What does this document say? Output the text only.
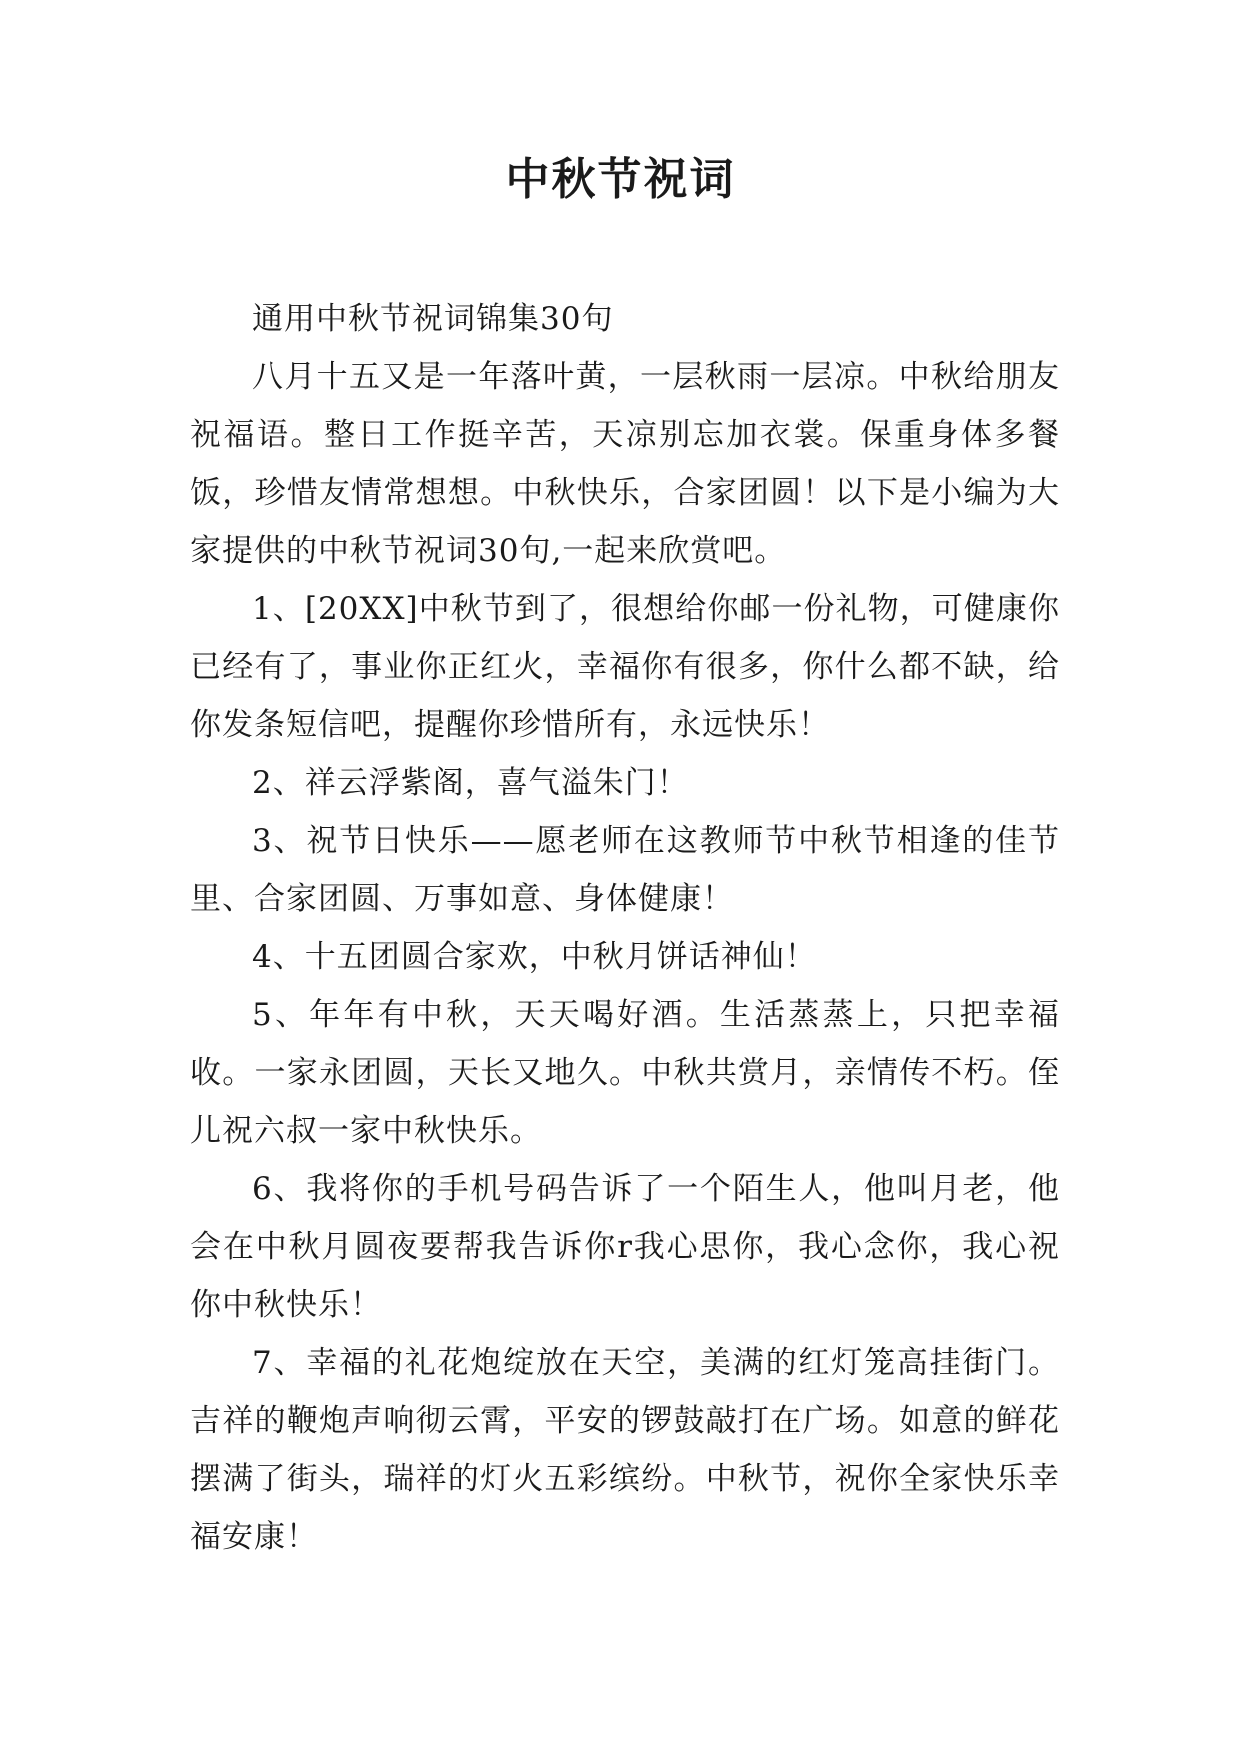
中秋节祝词

通用中秋节祝词锦集30句

八月十五又是一年落叶黄，一层秋雨一层凉。中秋给朋友祝福语。整日工作挺辛苦，天凉别忘加衣裳。保重身体多餐饭，珍惜友情常想想。中秋快乐，合家团圆！以下是小编为大家提供的中秋节祝词30句,一起来欣赏吧。

1、[20XX]中秋节到了，很想给你邮一份礼物，可健康你已经有了，事业你正红火，幸福你有很多，你什么都不缺，给你发条短信吧，提醒你珍惜所有，永远快乐！

2、祥云浮紫阁，喜气溢朱门！

3、祝节日快乐——愿老师在这教师节中秋节相逢的佳节里、合家团圆、万事如意、身体健康！

4、十五团圆合家欢，中秋月饼话神仙！

5、年年有中秋，天天喝好酒。生活蒸蒸上，只把幸福收。一家永团圆，天长又地久。中秋共赏月，亲情传不朽。侄儿祝六叔一家中秋快乐。

6、我将你的手机号码告诉了一个陌生人，他叫月老，他会在中秋月圆夜要帮我告诉你r我心思你，我心念你，我心祝你中秋快乐！

7、幸福的礼花炮绽放在天空，美满的红灯笼高挂街门。吉祥的鞭炮声响彻云霄，平安的锣鼓敲打在广场。如意的鲜花摆满了街头，瑞祥的灯火五彩缤纷。中秋节，祝你全家快乐幸福安康！
